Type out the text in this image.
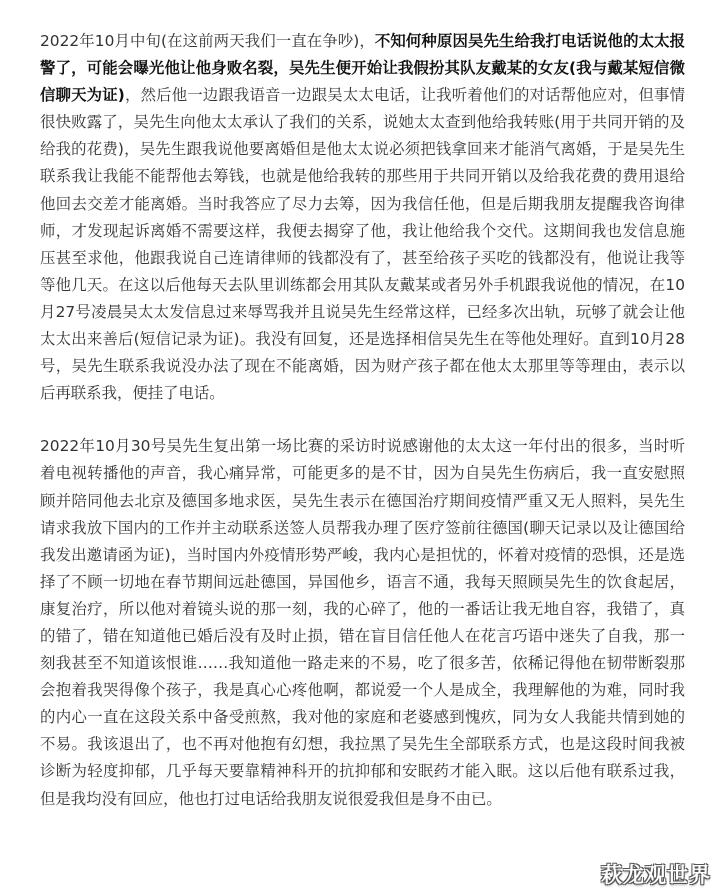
2022年10月中旬(在这前两天我们一直在争吵)，不知何种原因吴先生给我打电话说他的太太报警了，可能会曝光他让他身败名裂，吴先生便开始让我假扮其队友戴某的女友(我与戴某短信微信聊天为证)，然后他一边跟我语音一边跟吴太太电话，让我听着他们的对话帮他应对，但事情很快败露了，吴先生向他太太承认了我们的关系，说她太太查到他给我转账(用于共同开销的及给我的花费)，吴先生跟我说他要离婚但是他太太说必须把钱拿回来才能消气离婚，于是吴先生联系我让我能不能帮他去筹钱，也就是他给我转的那些用于共同开销以及给我花费的费用退给他回去交差才能离婚。当时我答应了尽力去筹，因为我信任他，但是后期我朋友提醒我咨询律师，才发现起诉离婚不需要这样，我便去揭穿了他，我让他给我个交代。这期间我也发信息施压甚至求他，他跟我说自己连请律师的钱都没有了，甚至给孩子买吃的钱都没有，他说让我等等他几天。在这以后他每天去队里训练都会用其队友戴某或者另外手机跟我说他的情况，在10月27号凌晨吴太太发信息过来辱骂我并且说吴先生经常这样，已经多次出轨，玩够了就会让他太太出来善后(短信记录为证)。我没有回复，还是选择相信吴先生在等他处理好。直到10月28号，吴先生联系我说没办法了现在不能离婚，因为财产孩子都在他太太那里等等理由，表示以后再联系我，便挂了电话。

2022年10月30号吴先生复出第一场比赛的采访时说感谢他的太太这一年付出的很多，当时听着电视转播他的声音，我心痛异常，可能更多的是不甘，因为自吴先生伤病后，我一直安慰照顾并陪同他去北京及德国多地求医，吴先生表示在德国治疗期间疫情严重又无人照料，吴先生请求我放下国内的工作并主动联系送签人员帮我办理了医疗签前往德国(聊天记录以及让德国给我发出邀请函为证)，当时国内外疫情形势严峻，我内心是担忧的，怀着对疫情的恐惧，还是选择了不顾一切地在春节期间远赴德国，异国他乡，语言不通，我每天照顾吴先生的饮食起居，康复治疗，所以他对着镜头说的那一刻，我的心碎了，他的一番话让我无地自容，我错了，真的错了，错在知道他已婚后没有及时止损，错在盲目信任他人在花言巧语中迷失了自我，那一刻我甚至不知道该恨谁……我知道他一路走来的不易，吃了很多苦，依稀记得他在韧带断裂那会抱着我哭得像个孩子，我是真心心疼他啊，都说爱一个人是成全，我理解他的为难，同时我的内心一直在这段关系中备受煎熬，我对他的家庭和老婆感到愧疚，同为女人我能共情到她的不易。我该退出了，也不再对他抱有幻想，我拉黑了吴先生全部联系方式，也是这段时间我被诊断为轻度抑郁，几乎每天要靠精神科开的抗抑郁和安眠药才能入眠。这以后他有联系过我，但是我均没有回应，他也打过电话给我朋友说很爱我但是身不由已。

萩龙观世界
